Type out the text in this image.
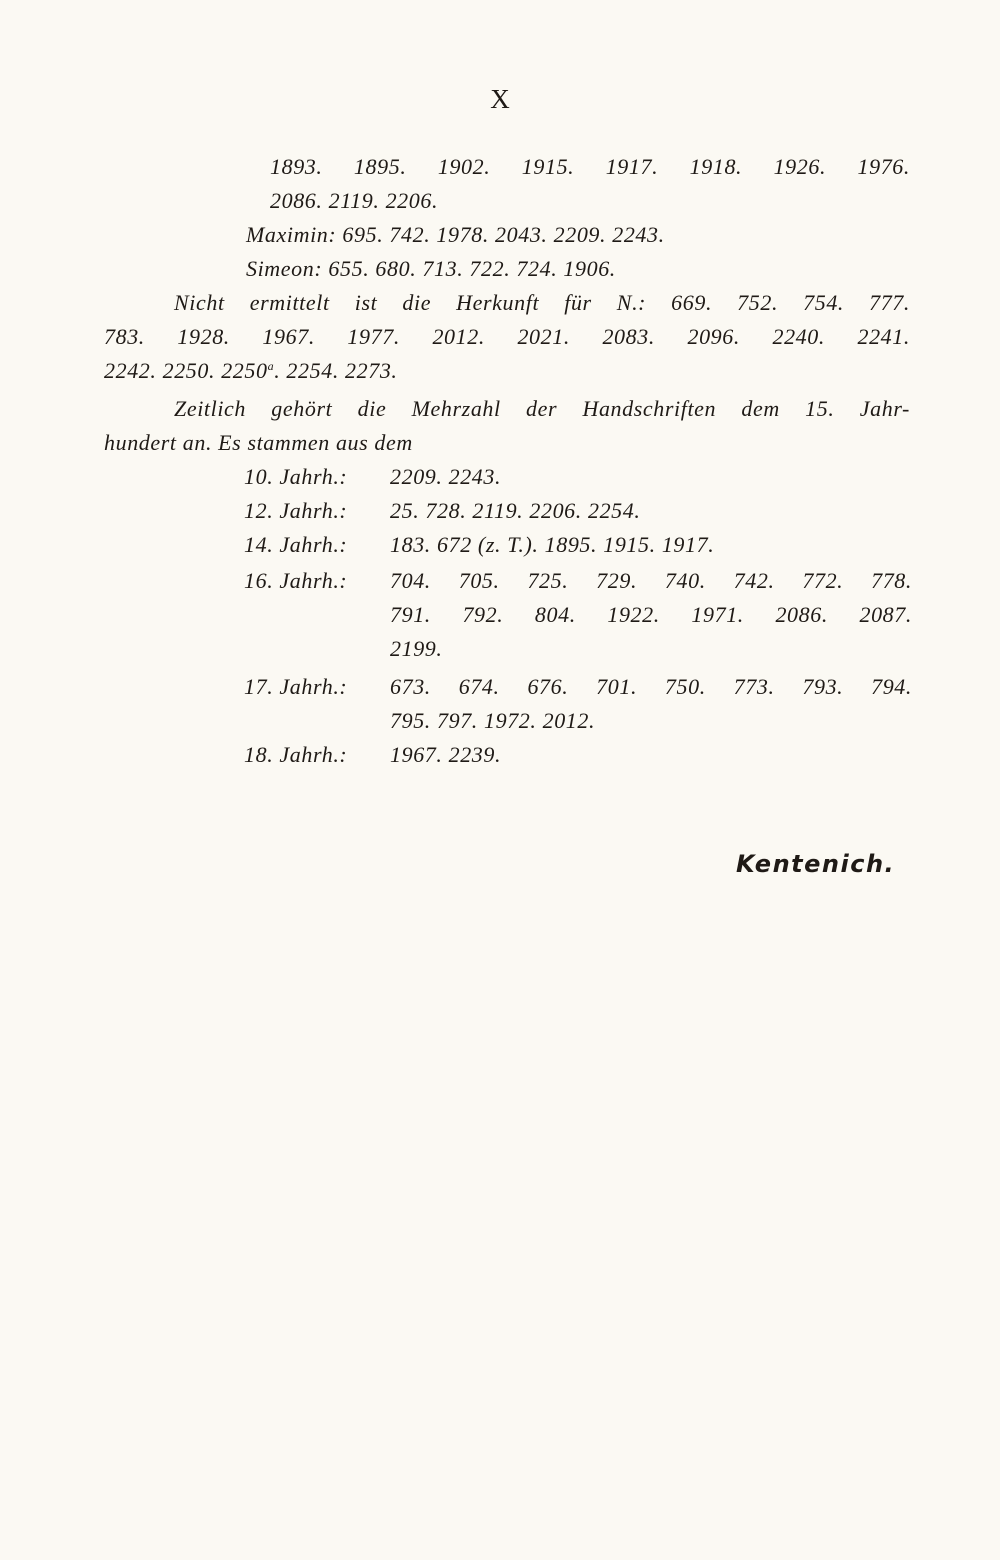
X
1893. 1895. 1902. 1915. 1917. 1918. 1926. 1976.
2086. 2119. 2206.
Maximin: 695. 742. 1978. 2043. 2209. 2243.
Simeon: 655. 680. 713. 722. 724. 1906.
Nicht ermittelt ist die Herkunft für N.: 669. 752. 754. 777.
783. 1928. 1967. 1977. 2012. 2021. 2083. 2096. 2240. 2241.
2242. 2250. 2250$^a$. 2254. 2273.
Zeitlich gehört die Mehrzahl der Handschriften dem 15. Jahr-
hundert an. Es stammen aus dem
10. Jahrh.: 2209. 2243.
12. Jahrh.: 25. 728. 2119. 2206. 2254.
14. Jahrh.: 183. 672 (z. T.). 1895. 1915. 1917.
16. Jahrh.: 704. 705. 725. 729. 740. 742. 772. 778.
791. 792. 804. 1922. 1971. 2086. 2087.
2199.
17. Jahrh.: 673. 674. 676. 701. 750. 773. 793. 794.
795. 797. 1972. 2012.
18. Jahrh.: 1967. 2239.
Kentenich.
